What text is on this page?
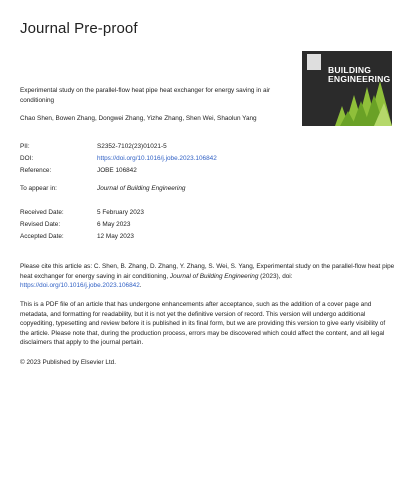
Journal Pre-proof
Experimental study on the parallel-flow heat pipe heat exchanger for energy saving in air conditioning
Chao Shen, Bowen Zhang, Dongwei Zhang, Yizhe Zhang, Shen Wei, Shaolun Yang
BUILDING
ENGINEERING
PII:	S2352-7102(23)01021-5
DOI:	https://doi.org/10.1016/j.jobe.2023.106842
Reference:	JOBE 106842
To appear in:	Journal of Building Engineering
Received Date:	5 February 2023
Revised Date:	6 May 2023
Accepted Date:	12 May 2023
Please cite this article as: C. Shen, B. Zhang, D. Zhang, Y. Zhang, S. Wei, S. Yang, Experimental study on the parallel-flow heat pipe heat exchanger for energy saving in air conditioning, Journal of Building Engineering (2023), doi: https://doi.org/10.1016/j.jobe.2023.106842.
This is a PDF file of an article that has undergone enhancements after acceptance, such as the addition of a cover page and metadata, and formatting for readability, but it is not yet the definitive version of record. This version will undergo additional copyediting, typesetting and review before it is published in its final form, but we are providing this version to give early visibility of the article. Please note that, during the production process, errors may be discovered which could affect the content, and all legal disclaimers that apply to the journal pertain.
© 2023 Published by Elsevier Ltd.
